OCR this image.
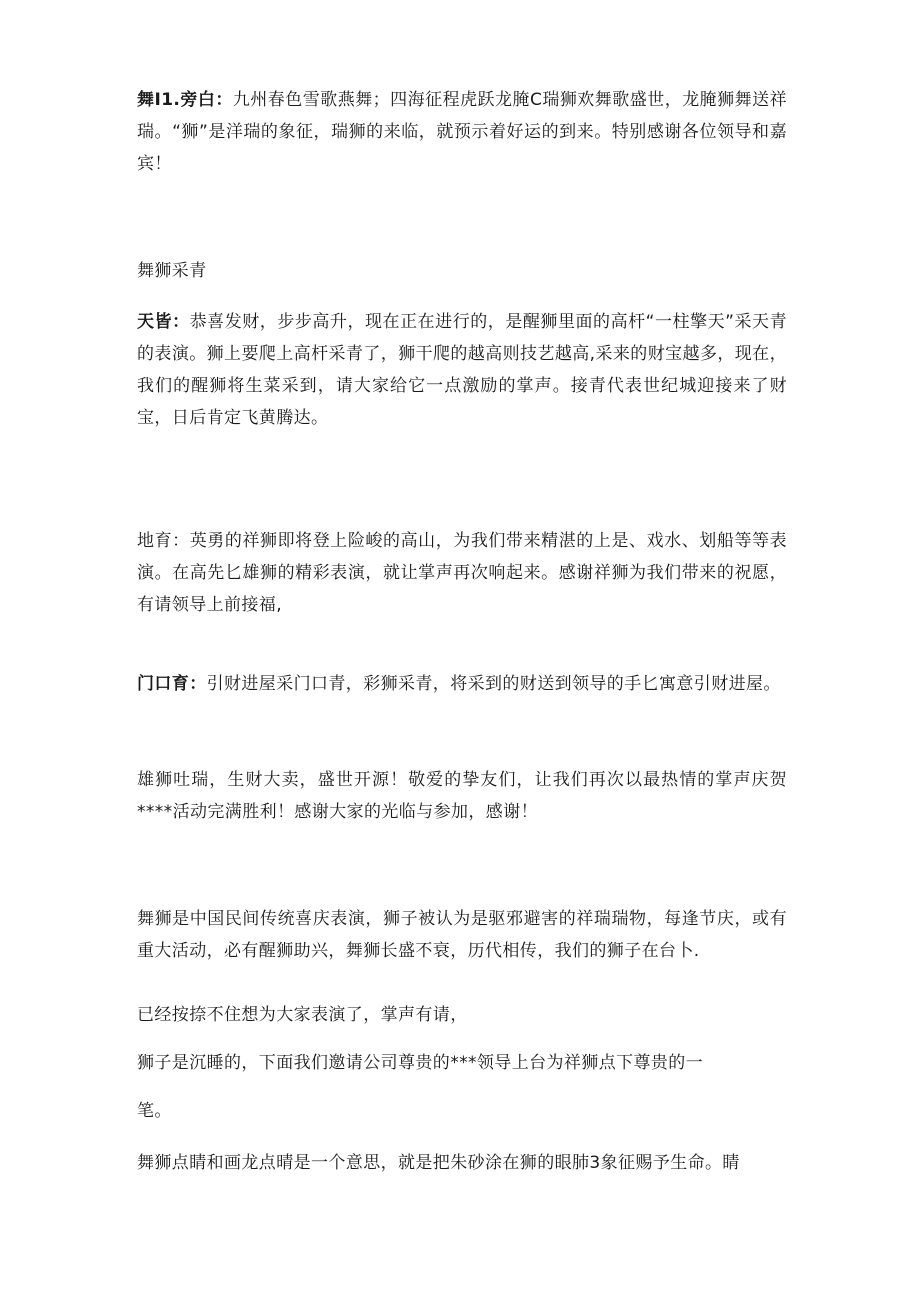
舞I1.旁白：九州春色雪歌燕舞；四海征程虎跃龙腌C瑞狮欢舞歌盛世，龙腌狮舞送祥瑞。“狮”是洋瑞的象征，瑞狮的来临，就预示着好运的到来。特别感谢各位领导和嘉宾！

舞狮采青

天皆：恭喜发财，步步高升，现在正在进行的，是醒狮里面的高杆“一柱擎天”采天青的表演。狮上要爬上高杆采青了，狮干爬的越高则技艺越高,采来的财宝越多，现在，我们的醒狮将生菜采到，请大家给它一点激励的掌声。接青代表世纪城迎接来了财宝，日后肯定飞黄腾达。

地育：英勇的祥狮即将登上险峻的高山，为我们带来精湛的上是、戏水、划船等等表演。在高先匕雄狮的精彩表演，就让掌声再次响起来。感谢祥狮为我们带来的祝愿，有请领导上前接福,

门口育：引财进屋采门口青，彩狮采青，将采到的财送到领导的手匕寓意引财进屋。

雄狮吐瑞，生财大卖，盛世开源！敬爱的挚友们，让我们再次以最热情的掌声庆贺****活动完满胜利！感谢大家的光临与参加，感谢！

舞狮是中国民间传统喜庆表演，狮子被认为是驱邪避害的祥瑞瑞物，每逢节庆，或有重大活动，必有醒狮助兴，舞狮长盛不衰，历代相传，我们的狮子在台卜.

已经按捺不住想为大家表演了，掌声有请，

狮子是沉睡的，下面我们邀请公司尊贵的***领导上台为祥狮点下尊贵的一

笔。

舞狮点睛和画龙点晴是一个意思，就是把朱砂涂在狮的眼肺3象征赐予生命。睛
